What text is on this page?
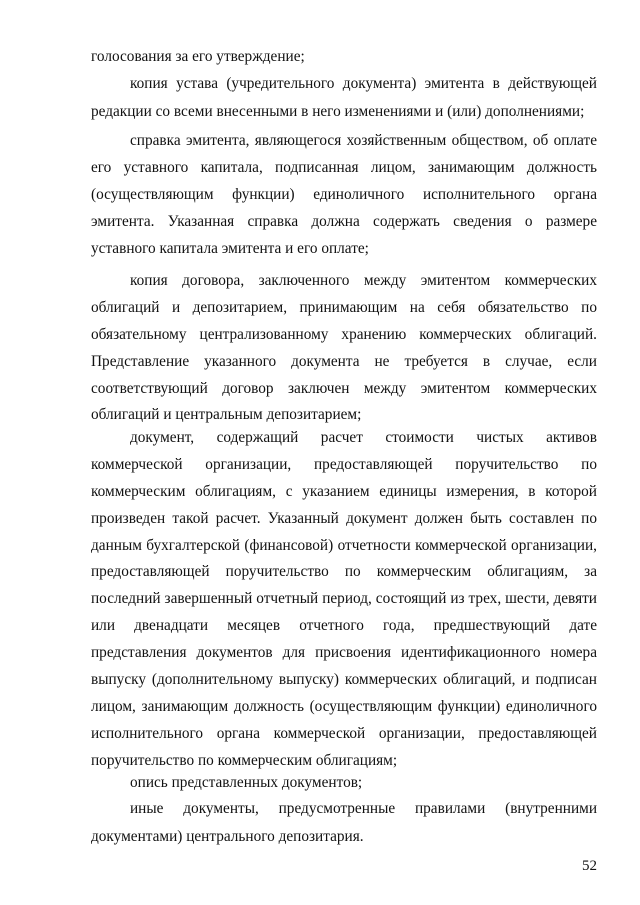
голосования за его утверждение;
копия устава (учредительного документа) эмитента в действующей
редакции со всеми внесенными в него изменениями и (или) дополнениями;
справка эмитента, являющегося хозяйственным обществом, об оплате
его уставного капитала, подписанная лицом, занимающим должность
(осуществляющим функции) единоличного исполнительного органа
эмитента. Указанная справка должна содержать сведения о размере
уставного капитала эмитента и его оплате;
копия договора, заключенного между эмитентом коммерческих
облигаций и депозитарием, принимающим на себя обязательство по
обязательному централизованному хранению коммерческих облигаций.
Представление указанного документа не требуется в случае, если
соответствующий договор заключен между эмитентом коммерческих
облигаций и центральным депозитарием;
документ, содержащий расчет стоимости чистых активов
коммерческой организации, предоставляющей поручительство по
коммерческим облигациям, с указанием единицы измерения, в которой
произведен такой расчет. Указанный документ должен быть составлен по
данным бухгалтерской (финансовой) отчетности коммерческой организации,
предоставляющей поручительство по коммерческим облигациям, за
последний завершенный отчетный период, состоящий из трех, шести, девяти
или двенадцати месяцев отчетного года, предшествующий дате
представления документов для присвоения идентификационного номера
выпуску (дополнительному выпуску) коммерческих облигаций, и подписан
лицом, занимающим должность (осуществляющим функции) единоличного
исполнительного органа коммерческой организации, предоставляющей
поручительство по коммерческим облигациям;
опись представленных документов;
иные документы, предусмотренные правилами (внутренними
документами) центрального депозитария.
52
